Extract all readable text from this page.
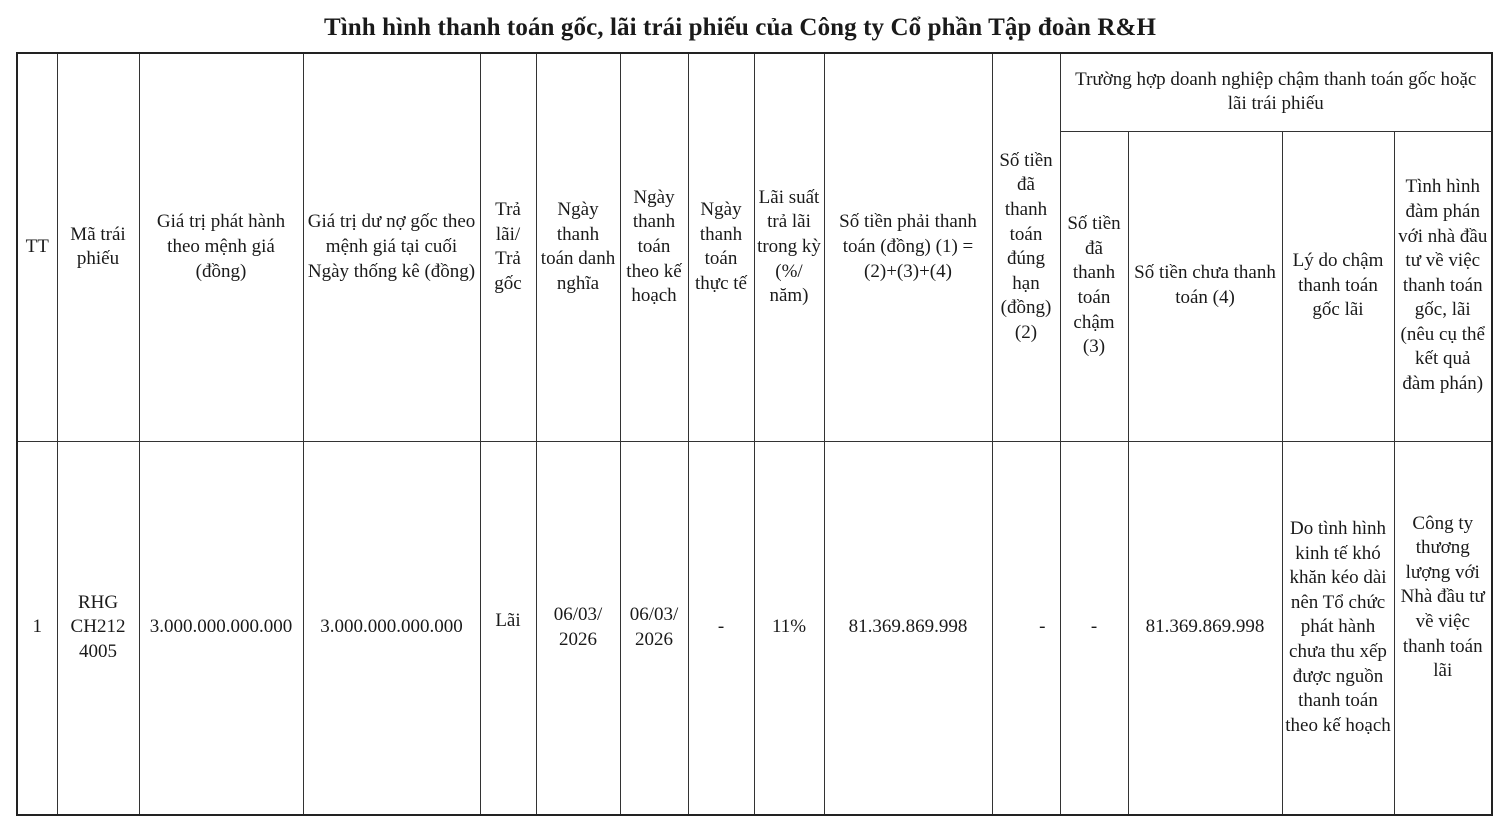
Tình hình thanh toán gốc, lãi trái phiếu của Công ty Cổ phần Tập đoàn R&H
TT	Mã trái phiếu	Giá trị phát hành theo mệnh giá (đồng)	Giá trị dư nợ gốc theo mệnh giá tại cuối Ngày thống kê (đồng)	Trả lãi/ Trả gốc	Ngày thanh toán danh nghĩa	Ngày thanh toán theo kế hoạch	Ngày thanh toán thực tế	Lãi suất trả lãi trong kỳ (%/ năm)	Số tiền phải thanh toán (đồng) (1) = (2)+(3)+(4)	Số tiền đã thanh toán đúng hạn (đồng) (2)	Trường hợp doanh nghiệp chậm thanh toán gốc hoặc lãi trái phiếu			
											Số tiền đã thanh toán chậm (3)	Số tiền chưa thanh toán (4)	Lý do chậm thanh toán gốc lãi	Tình hình đàm phán với nhà đầu tư về việc thanh toán gốc, lãi (nêu cụ thể kết quả đàm phán)
1	RHG CH212 4005	3.000.000.000.000	3.000.000.000.000	Lãi	06/03/ 2026	06/03/ 2026	-	11%	81.369.869.998	-	-	81.369.869.998	Do tình hình kinh tế khó khăn kéo dài nên Tổ chức phát hành chưa thu xếp được nguồn thanh toán theo kế hoạch	Công ty thương lượng với Nhà đầu tư về việc thanh toán lãi
